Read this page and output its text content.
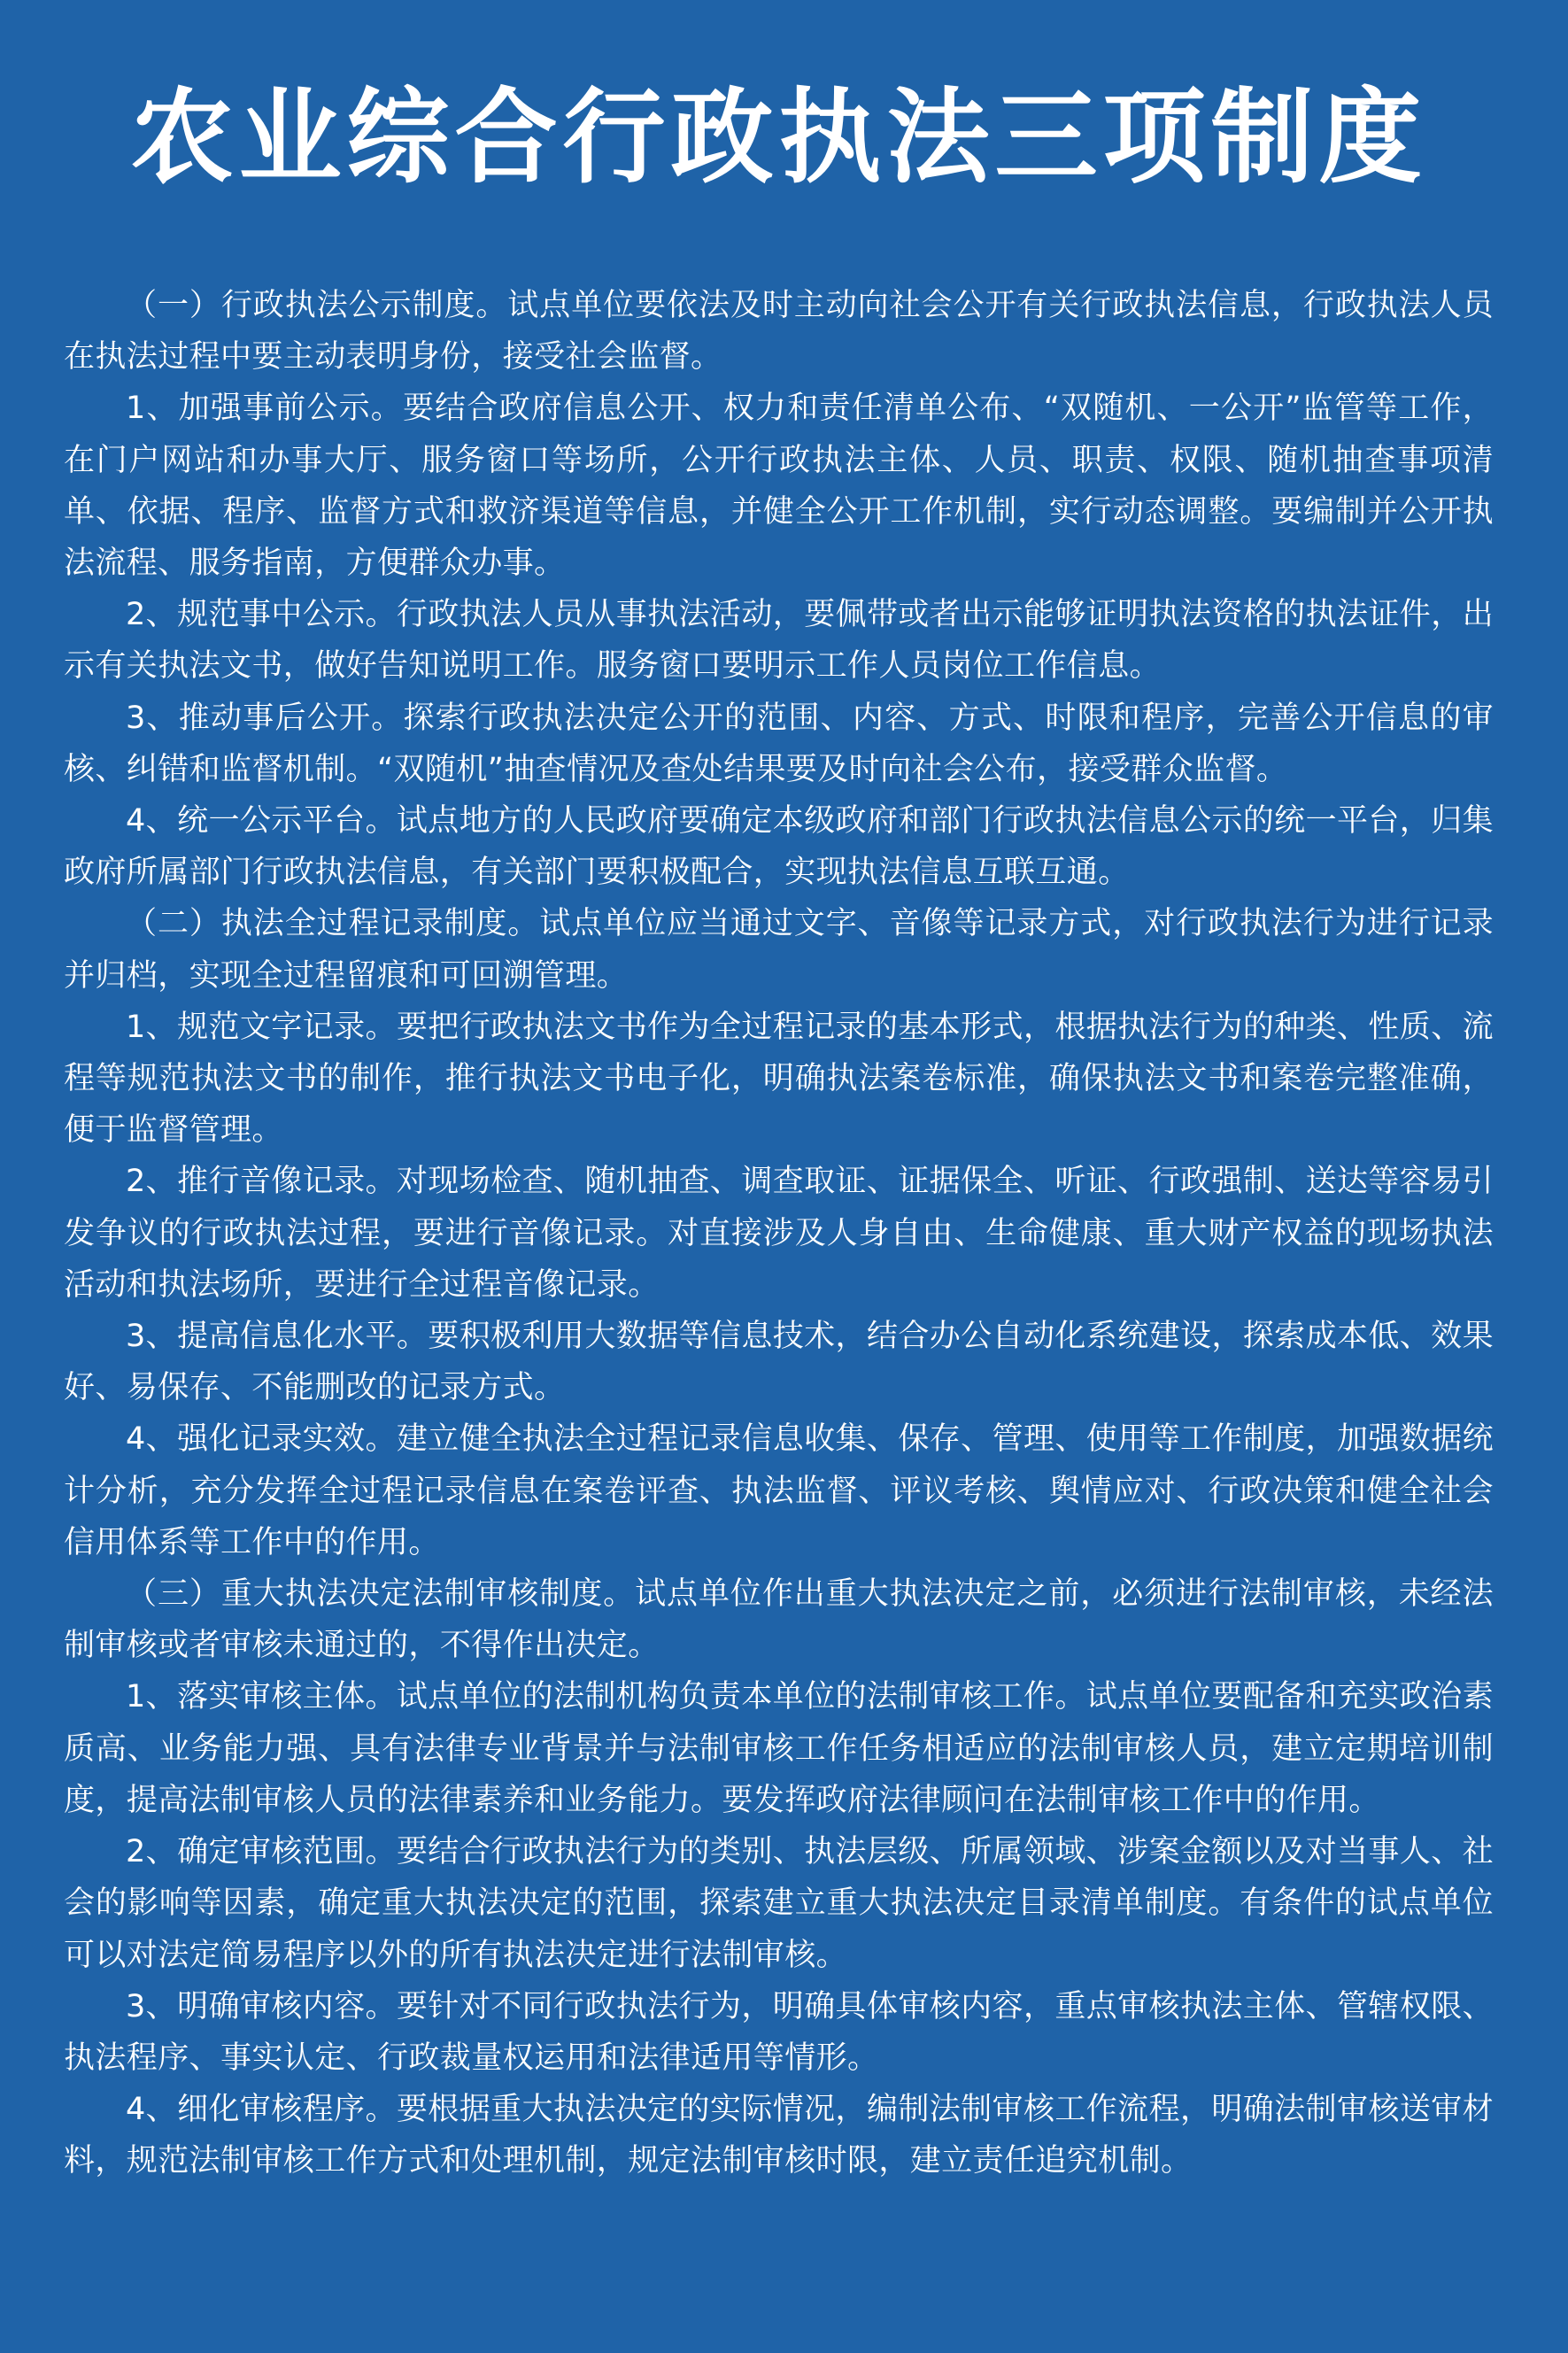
农业综合行政执法三项制度

（一）行政执法公示制度。试点单位要依法及时主动向社会公开有关行政执法信息，行政执法人员在执法过程中要主动表明身份，接受社会监督。

1、加强事前公示。要结合政府信息公开、权力和责任清单公布、“双随机、一公开”监管等工作，在门户网站和办事大厅、服务窗口等场所，公开行政执法主体、人员、职责、权限、随机抽查事项清单、依据、程序、监督方式和救济渠道等信息，并健全公开工作机制，实行动态调整。要编制并公开执法流程、服务指南，方便群众办事。

2、规范事中公示。行政执法人员从事执法活动，要佩带或者出示能够证明执法资格的执法证件，出示有关执法文书，做好告知说明工作。服务窗口要明示工作人员岗位工作信息。

3、推动事后公开。探索行政执法决定公开的范围、内容、方式、时限和程序，完善公开信息的审核、纠错和监督机制。“双随机”抽查情况及查处结果要及时向社会公布，接受群众监督。

4、统一公示平台。试点地方的人民政府要确定本级政府和部门行政执法信息公示的统一平台，归集政府所属部门行政执法信息，有关部门要积极配合，实现执法信息互联互通。

（二）执法全过程记录制度。试点单位应当通过文字、音像等记录方式，对行政执法行为进行记录并归档，实现全过程留痕和可回溯管理。

1、规范文字记录。要把行政执法文书作为全过程记录的基本形式，根据执法行为的种类、性质、流程等规范执法文书的制作，推行执法文书电子化，明确执法案卷标准，确保执法文书和案卷完整准确，便于监督管理。

2、推行音像记录。对现场检查、随机抽查、调查取证、证据保全、听证、行政强制、送达等容易引发争议的行政执法过程，要进行音像记录。对直接涉及人身自由、生命健康、重大财产权益的现场执法活动和执法场所，要进行全过程音像记录。

3、提高信息化水平。要积极利用大数据等信息技术，结合办公自动化系统建设，探索成本低、效果好、易保存、不能删改的记录方式。

4、强化记录实效。建立健全执法全过程记录信息收集、保存、管理、使用等工作制度，加强数据统计分析，充分发挥全过程记录信息在案卷评查、执法监督、评议考核、舆情应对、行政决策和健全社会信用体系等工作中的作用。

（三）重大执法决定法制审核制度。试点单位作出重大执法决定之前，必须进行法制审核，未经法制审核或者审核未通过的，不得作出决定。

1、落实审核主体。试点单位的法制机构负责本单位的法制审核工作。试点单位要配备和充实政治素质高、业务能力强、具有法律专业背景并与法制审核工作任务相适应的法制审核人员，建立定期培训制度，提高法制审核人员的法律素养和业务能力。要发挥政府法律顾问在法制审核工作中的作用。

2、确定审核范围。要结合行政执法行为的类别、执法层级、所属领域、涉案金额以及对当事人、社会的影响等因素，确定重大执法决定的范围，探索建立重大执法决定目录清单制度。有条件的试点单位可以对法定简易程序以外的所有执法决定进行法制审核。

3、明确审核内容。要针对不同行政执法行为，明确具体审核内容，重点审核执法主体、管辖权限、执法程序、事实认定、行政裁量权运用和法律适用等情形。

4、细化审核程序。要根据重大执法决定的实际情况，编制法制审核工作流程，明确法制审核送审材料，规范法制审核工作方式和处理机制，规定法制审核时限，建立责任追究机制。
